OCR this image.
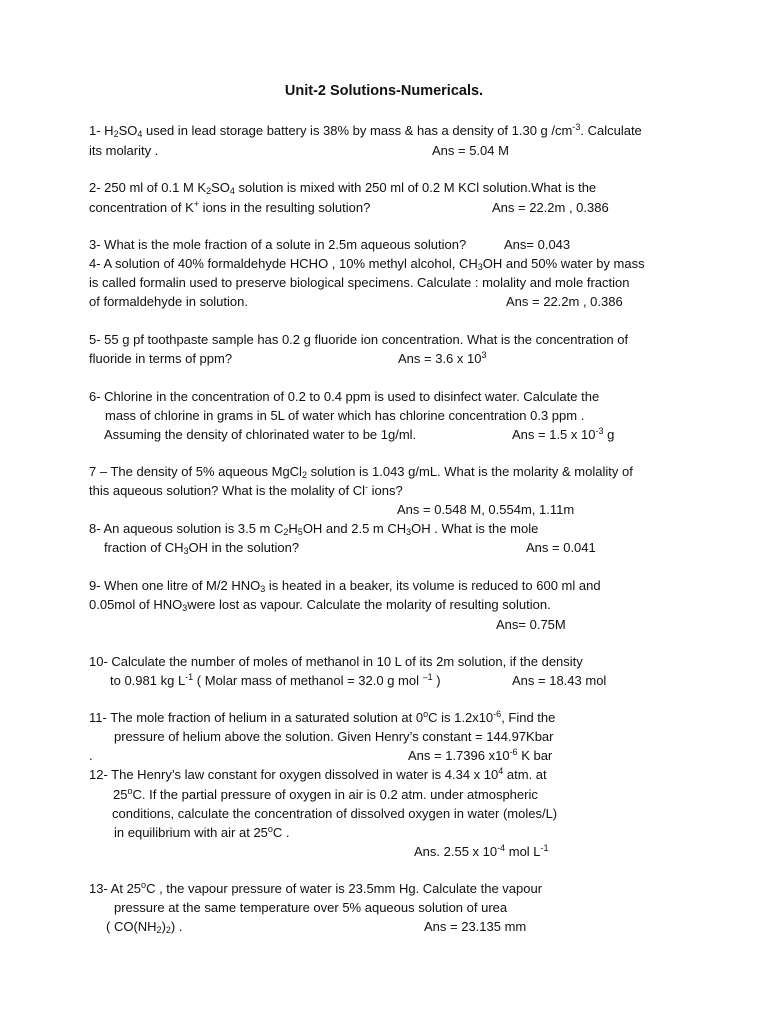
Unit-2 Solutions-Numericals.
1- $H_2SO_4$ used in lead storage battery is 38% by mass & has a density of 1.30 g $/cm^{-3}$. Calculate
its molarity .	Ans = 5.04 M
2- 250 ml of 0.1 M $K_2SO_4$ solution is mixed with 250 ml of 0.2 M KCl solution.What is the
concentration of K+ ions in the resulting solution?	Ans = 22.2m , 0.386
3- What is the mole fraction of a solute in 2.5m aqueous solution?	Ans= 0.043
4- A solution of 40% formaldehyde HCHO , 10% methyl alcohol, $CH_3OH$ and 50% water by mass
is called formalin used to preserve biological specimens. Calculate : molality and mole fraction
of formaldehyde in solution.	Ans = 22.2m , 0.386
5- 55 g pf toothpaste sample has 0.2 g fluoride ion concentration. What is the concentration of
fluoride in terms of ppm?	Ans = 3.6 x $10^3$
6- Chlorine in the concentration of 0.2 to 0.4 ppm is used to disinfect water. Calculate the
mass of chlorine in grams in 5L of water which has chlorine concentration 0.3 ppm .
Assuming the density of chlorinated water to be 1g/ml.	Ans = 1.5 x $10^{-3}$ g
7 – The density of 5% aqueous MgCl$_2$ solution is 1.043 g/mL. What is the molarity & molality of
this aqueous solution? What is the molality of Cl- ions?
Ans = 0.548 M, 0.554m, 1.11m
8- An aqueous solution is 3.5 m $C_2H_5OH$ and 2.5 m $CH_3OH$ . What is the mole
fraction of $CH_3OH$ in the solution?	Ans = 0.041
9- When one litre of M/2 $HNO_3$ is heated in a beaker, its volume is reduced to 600 ml and
0.05mol of $HNO_3were$ lost as vapour. Calculate the molarity of resulting solution.
Ans= 0.75M
10- Calculate the number of moles of methanol in 10 L of its 2m solution, if the density
to 0.981 kg $L^{-1}$ ( Molar mass of methanol = 32.0 g mol $^{-1}$ )	Ans = 18.43 mol
11- The mole fraction of helium in a saturated solution at 0$^o$C is $1.2x10^{-6}$, Find the
pressure of helium above the solution. Given Henry’s constant = 144.97Kbar
.	Ans = 1.7396 $x10^{-6}$ K bar
12- The Henry’s law constant for oxygen dissolved in water is 4.34 x $10^4$ atm. at
25$^o$C. If the partial pressure of oxygen in air is 0.2 atm. under atmospheric
conditions, calculate the concentration of dissolved oxygen in water (moles/L)
in equilibrium with air at 25$^o$C .
Ans. 2.55 x $10^{-4}$ mol $L^{-1}$
13- At 25$^o$C , the vapour pressure of water is 23.5mm Hg. Calculate the vapour
pressure at the same temperature over 5% aqueous solution of urea
( $CO(NH_2)_2$) .	Ans = 23.135 mm
